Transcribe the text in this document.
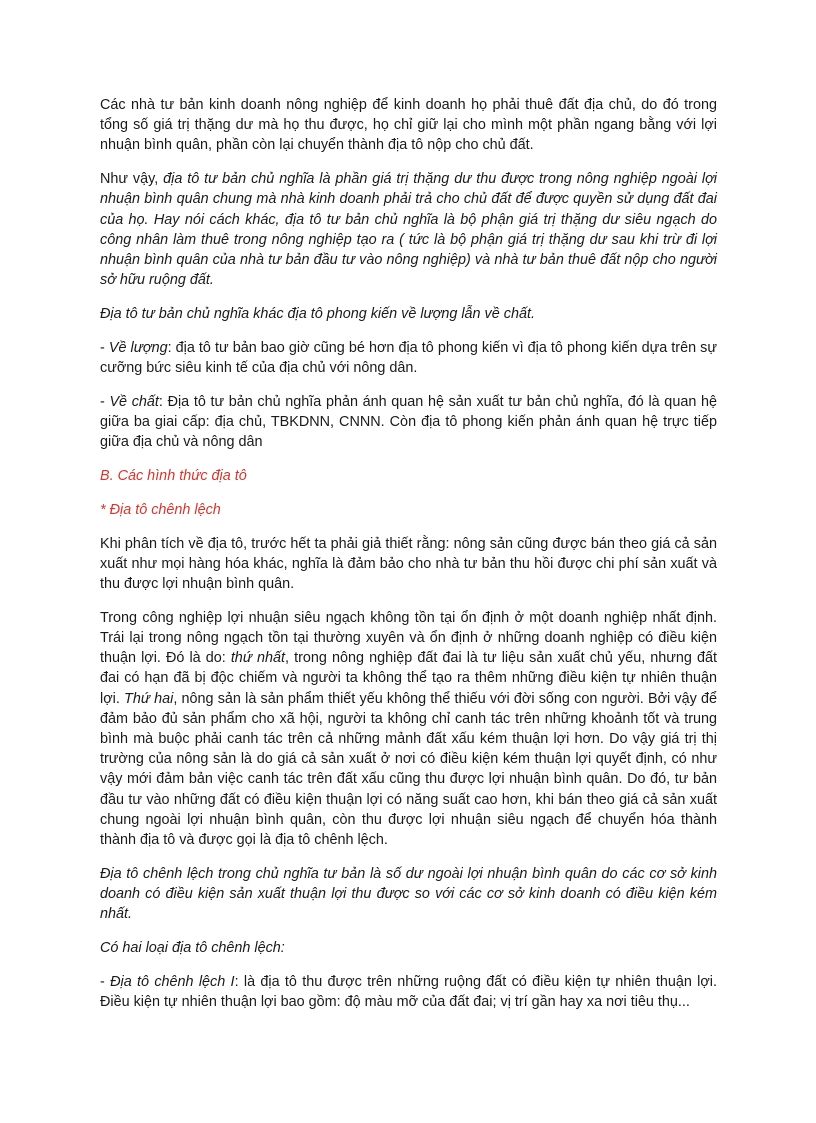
Các nhà tư bản kinh doanh nông nghiệp để kinh doanh họ phải thuê đất địa chủ, do đó trong tổng số giá trị thặng dư mà họ thu được, họ chỉ giữ lại cho mình một phần ngang bằng với lợi nhuận bình quân, phần còn lại chuyển thành địa tô nộp cho chủ đất.

Như vậy, địa tô tư bản chủ nghĩa là phần giá trị thặng dư thu được trong nông nghiệp ngoài lợi nhuận bình quân chung mà nhà kinh doanh phải trả cho chủ đất để được quyền sử dụng đất đai của họ. Hay nói cách khác, địa tô tư bản chủ nghĩa là bộ phận giá trị thặng dư siêu ngạch do công nhân làm thuê trong nông nghiệp tạo ra ( tức là bộ phận giá trị thặng dư sau khi trừ đi lợi nhuận bình quân của nhà tư bản đầu tư vào nông nghiệp) và nhà tư bản thuê đất nộp cho người sở hữu ruộng đất.

Địa tô tư bản chủ nghĩa khác địa tô phong kiến về lượng lẫn về chất.

- Về lượng: địa tô tư bản bao giờ cũng bé hơn địa tô phong kiến vì địa tô phong kiến dựa trên sự cưỡng bức siêu kinh tế của địa chủ với nông dân.

- Về chất: Địa tô tư bản chủ nghĩa phản ánh quan hệ sản xuất tư bản chủ nghĩa, đó là quan hệ giữa ba giai cấp: địa chủ, TBKDNN, CNNN. Còn địa tô phong kiến phản ánh quan hệ trực tiếp giữa địa chủ và nông dân

B. Các hình thức địa tô

* Địa tô chênh lệch

Khi phân tích về địa tô, trước hết ta phải giả thiết rằng: nông sản cũng được bán theo giá cả sản xuất như mọi hàng hóa khác, nghĩa là đảm bảo cho nhà tư bản thu hồi được chi phí sản xuất và thu được lợi nhuận bình quân.

Trong công nghiệp lợi nhuận siêu ngạch không tồn tại ổn định ở một doanh nghiệp nhất định. Trái lại trong nông ngạch tồn tại thường xuyên và ổn định ở những doanh nghiệp có điều kiện thuận lợi. Đó là do: thứ nhất, trong nông nghiệp đất đai là tư liệu sản xuất chủ yếu, nhưng đất đai có hạn đã bị độc chiếm và người ta không thể tạo ra thêm những điều kiện tự nhiên thuận lợi. Thứ hai, nông sản là sản phẩm thiết yếu không thể thiếu với đời sống con người. Bởi vậy để đảm bảo đủ sản phẩm cho xã hội, người ta không chỉ canh tác trên những khoảnh tốt và trung bình mà buộc phải canh tác trên cả những mảnh đất xấu kém thuận lợi hơn. Do vậy giá trị thị trường của nông sản là do giá cả sản xuất ở nơi có điều kiện kém thuận lợi quyết định, có như vậy mới đảm bản việc canh tác trên đất xấu cũng thu được lợi nhuận bình quân. Do đó, tư bản đầu tư vào những đất có điều kiện thuận lợi có năng suất cao hơn, khi bán theo giá cả sản xuất chung ngoài lợi nhuận bình quân, còn thu được lợi nhuận siêu ngạch để chuyển hóa thành thành địa tô và được gọi là địa tô chênh lệch.

Địa tô chênh lệch trong chủ nghĩa tư bản là số dư ngoài lợi nhuận bình quân do các cơ sở kinh doanh có điều kiện sản xuất thuận lợi thu được so với các cơ sở kinh doanh có điều kiện kém nhất.

Có hai loại địa tô chênh lệch:

- Địa tô chênh lệch I: là địa tô thu được trên những ruộng đất có điều kiện tự nhiên thuận lợi. Điều kiện tự nhiên thuận lợi bao gồm: độ màu mỡ của đất đai; vị trí gần hay xa nơi tiêu thụ...
